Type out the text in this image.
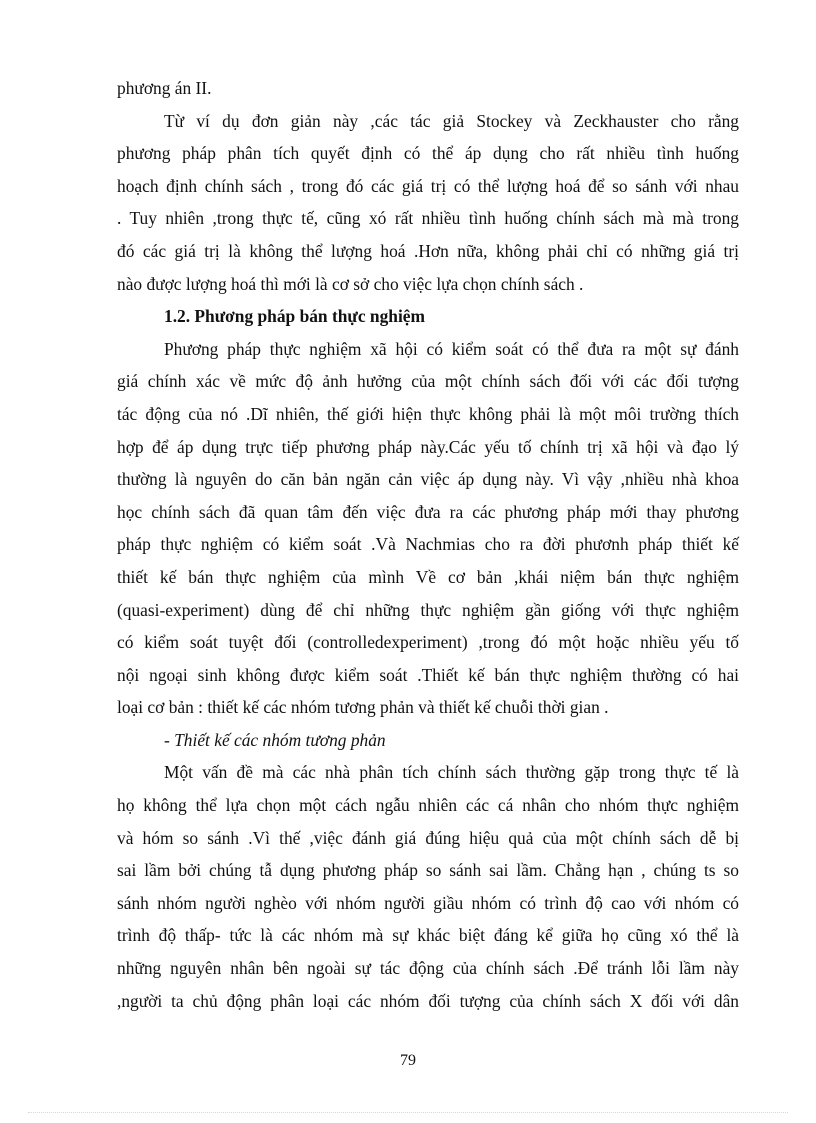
phương án II.
Từ ví dụ đơn giản này ,các tác giả Stockey và Zeckhauster cho rằng
phương pháp phân tích quyết định có thể áp dụng cho rất nhiều tình huống
hoạch định chính sách , trong đó các giá trị có thể lượng hoá để so sánh với nhau
. Tuy nhiên ,trong thực tế, cũng xó rất nhiều tình huống chính sách mà mà trong
đó các giá trị là không thể lượng hoá .Hơn nữa, không phải chỉ có những giá trị
nào được lượng hoá thì mới là cơ sở cho việc lựa chọn chính sách .
1.2. Phương pháp bán thực nghiệm
Phương pháp thực nghiệm xã hội có kiểm soát có thể đưa ra một sự đánh
giá chính xác về mức độ ảnh hưởng của một chính sách đối với các đối tượng
tác động của nó .Dĩ nhiên, thế giới hiện thực không phải là một môi trường thích
hợp để áp dụng trực tiếp phương pháp này.Các yếu tố chính trị xã hội và đạo lý
thường là nguyên do căn bản ngăn cản việc áp dụng này. Vì vậy ,nhiều nhà khoa
học chính sách đã quan tâm đến việc đưa ra các phương pháp mới thay phương
pháp thực nghiệm có kiểm soát .Và Nachmias cho ra đời phươnh pháp thiết kế
thiết kế bán thực nghiệm của mình Về cơ bản ,khái niệm bán thực nghiệm
(quasi-experiment) dùng để chỉ những thực nghiệm gần giống với thực nghiệm
có kiểm soát tuyệt đối (controlledexperiment) ,trong đó một hoặc nhiều yếu tố
nội ngoại sinh không được kiểm soát .Thiết kế bán thực nghiệm thường có hai
loại cơ bản : thiết kế các nhóm tương phản và thiết kế chuỗi thời gian .
- Thiết kế các nhóm tương phản
Một vấn đề mà các nhà phân tích chính sách thường gặp trong thực tế là
họ không thể lựa chọn một cách ngẫu nhiên các cá nhân cho nhóm thực nghiệm
và hóm so sánh .Vì thế ,việc đánh giá đúng hiệu quả của một chính sách dễ bị
sai lầm bởi chúng tẫ dụng phương pháp so sánh sai lầm. Chẳng hạn , chúng ts so
sánh nhóm người nghèo với nhóm người giầu nhóm có trình độ cao với nhóm có
trình độ thấp- tức là các nhóm mà sự khác biệt đáng kể giữa họ cũng xó thể là
những nguyên nhân bên ngoài sự tác động của chính sách .Để tránh lỗi lầm này
,người ta chủ động phân loại các nhóm đối tượng của chính sách X đối với dân
79
